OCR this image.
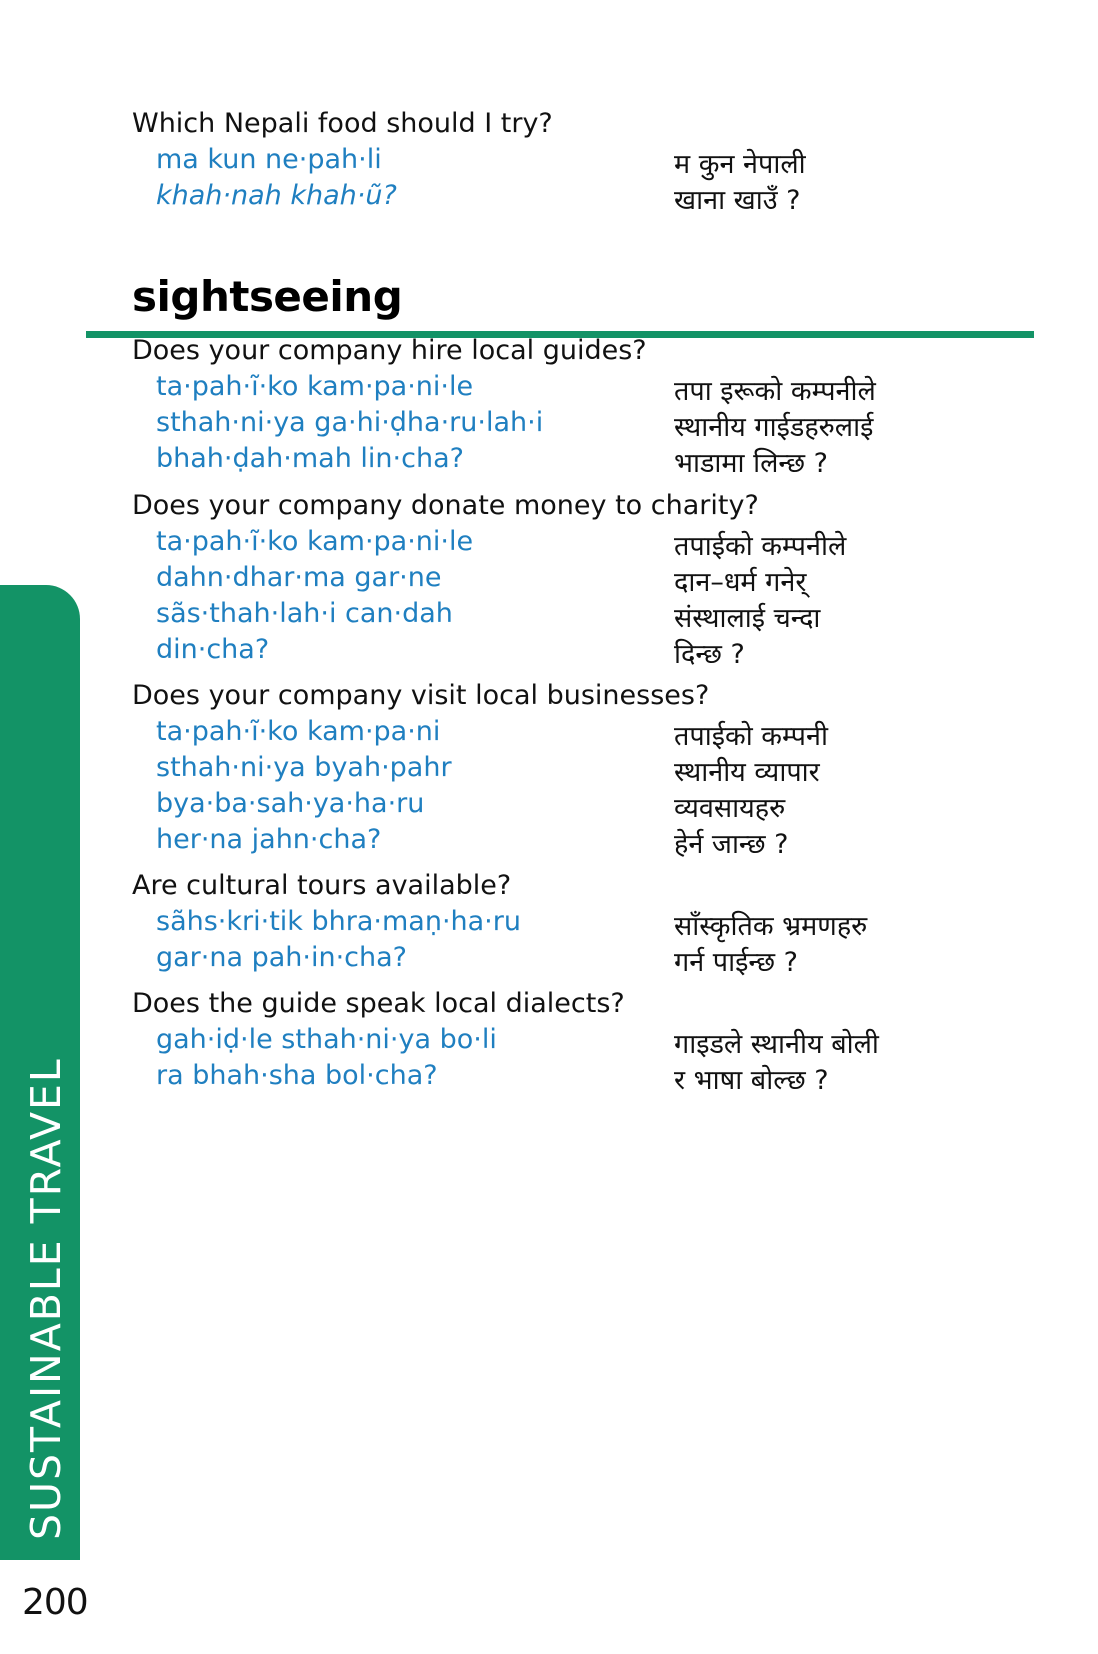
Which Nepali food should I try?
ma kun ne·pah·li
khah·nah khah·ũ?
म कुन नेपाली
खाना खाउँ ?
sightseeing
Does your company hire local guides?
ta·pah·ĩ·ko kam·pa·ni·le
sthah·ni·ya ga·hi·ḍha·ru·lah·i
bhah·ḍah·mah lin·cha?
तपा इरूको कम्पनीले
स्थानीय गाईडहरुलाई
भाडामा लिन्छ ?
Does your company donate money to charity?
ta·pah·ĩ·ko kam·pa·ni·le
dahn·dhar·ma gar·ne
sãs·thah·lah·i can·dah
din·cha?
तपाईको कम्पनीले
दान–धर्म गनेर्
संस्थालाई चन्दा
दिन्छ ?
Does your company visit local businesses?
ta·pah·ĩ·ko kam·pa·ni
sthah·ni·ya byah·pahr
bya·ba·sah·ya·ha·ru
her·na jahn·cha?
तपाईको कम्पनी
स्थानीय व्यापार
व्यवसायहरु
हेर्न जान्छ ?
Are cultural tours available?
sãhs·kri·tik bhra·maṇ·ha·ru
gar·na pah·in·cha?
साँस्कृतिक भ्रमणहरु
गर्न पाईन्छ ?
Does the guide speak local dialects?
gah·iḍ·le sthah·ni·ya bo·li
ra bhah·sha bol·cha?
गाइडले स्थानीय बोली
र भाषा बोल्छ ?
SUSTAINABLE TRAVEL
200
